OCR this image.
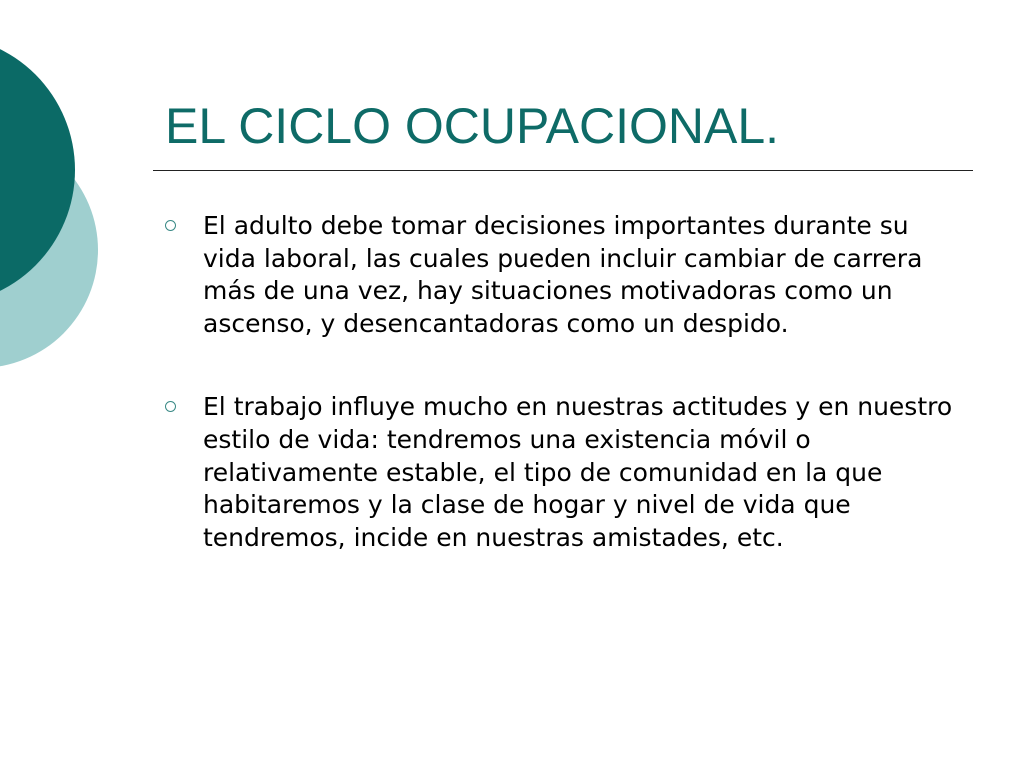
EL CICLO OCUPACIONAL.
El adulto debe tomar decisiones importantes durante su vida laboral, las cuales pueden incluir cambiar de carrera más de una vez, hay situaciones motivadoras como un ascenso, y desencantadoras como un despido.
El trabajo influye mucho en nuestras actitudes y en nuestro estilo de vida: tendremos una existencia móvil o relativamente estable, el tipo de comunidad en la que habitaremos y la clase de hogar y nivel de vida que tendremos, incide en nuestras amistades, etc.
